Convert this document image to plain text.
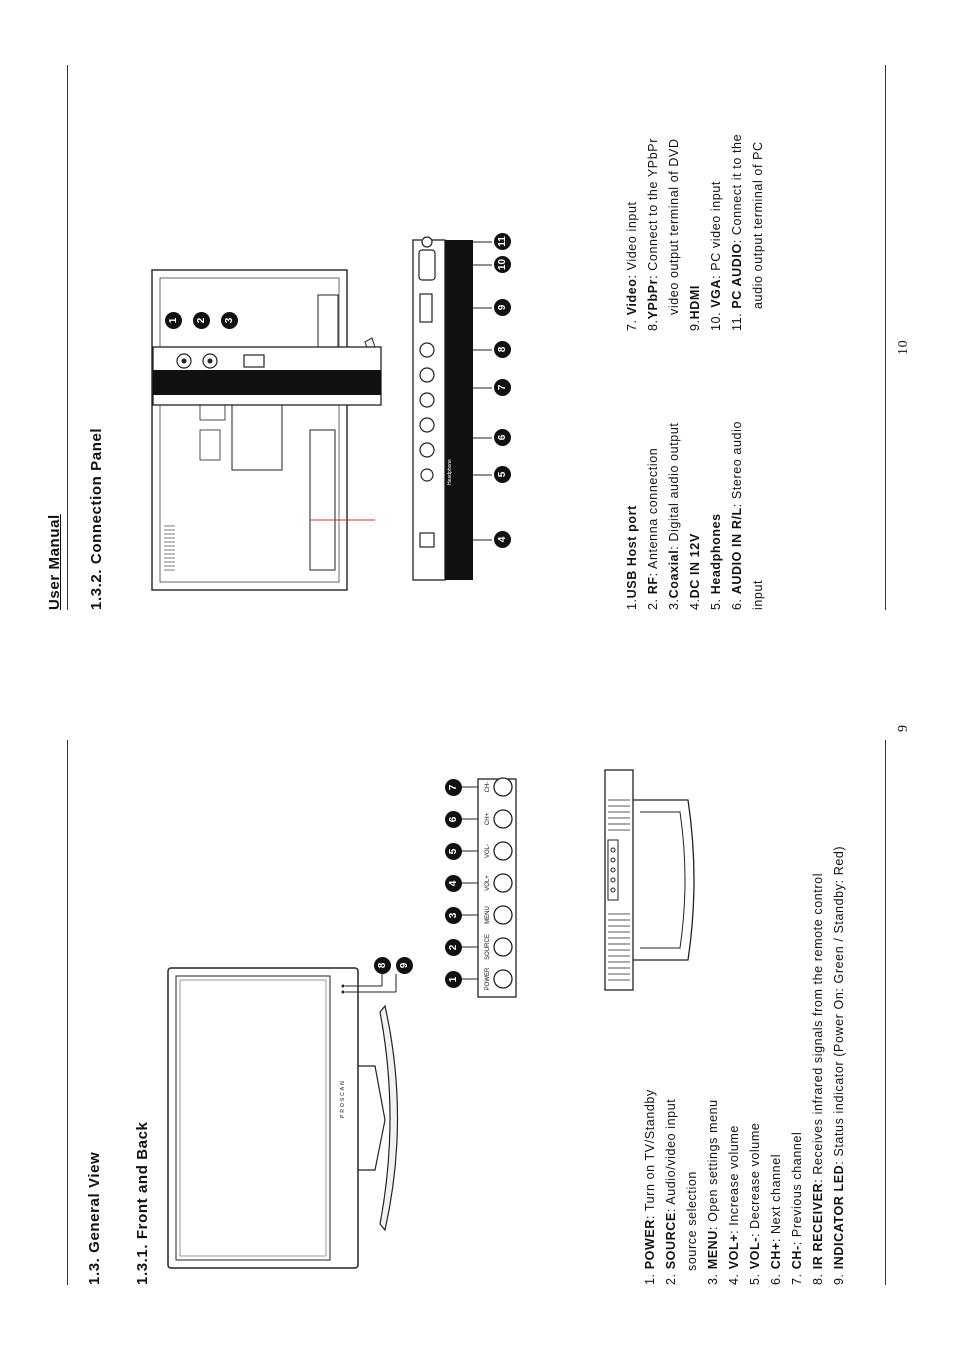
1.3. General View 1.3.1. Front and Back
PROSCAN
8	9
POWER
SOURCE
MENU
VOL+
VOL-
CH+
CH-
1
2
3
4
5
6
7
1. POWER: Turn on TV/Standby
2. SOURCE: Audio/video input
source selection
3. MENU: Open settings menu
4. VOL+: Increase volume
5. VOL-: Decrease volume
6. CH+: Next channel
7. CH-: Previous channel
8. IR RECEIVER: Receives infrared signals from the remote control
9. INDICATOR LED: Status indicator (Power On: Green / Standby: Red)
9
User Manual 1.3.2. Connection Panel
1	2	3
Headphone
4
5
6
7
8
9
10
11
1.USB Host port
2. RF: Antenna connection
3.Coaxial: Digital audio output
4.DC IN 12V
5. Headphones
6. AUDIO IN R/L: Stereo audio
input
7. Video: Video input
8.YPbPr: Connect to the YPbPr video output terminal of DVD
9.HDMI 10. VGA: PC video input
11. PC AUDIO: Connect it to the audio output terminal of PC
10
